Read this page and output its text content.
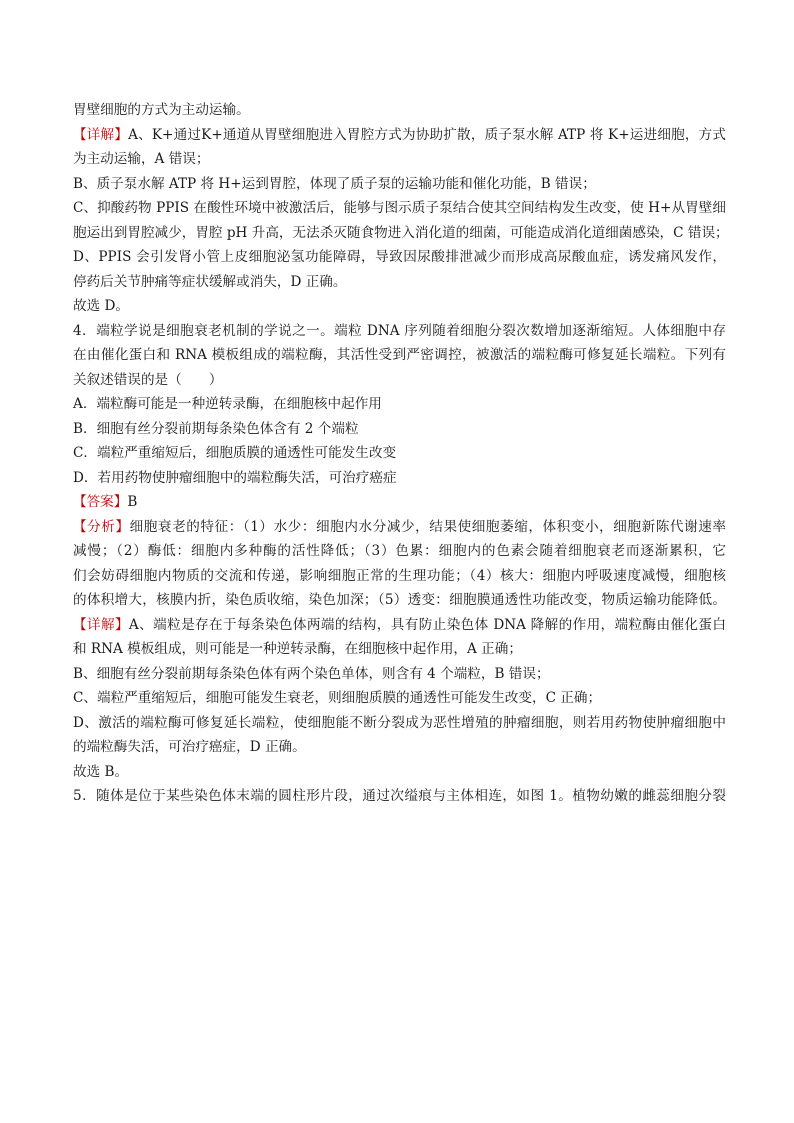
胃壁细胞的方式为主动运输。
【详解】A、K+通过K+通道从胃壁细胞进入胃腔方式为协助扩散，质子泵水解 ATP 将 K+运进细胞，方式
为主动运输，A 错误；
B、质子泵水解 ATP 将 H+运到胃腔，体现了质子泵的运输功能和催化功能，B 错误；
C、抑酸药物 PPIS 在酸性环境中被激活后，能够与图示质子泵结合使其空间结构发生改变，使 H+从胃壁细
胞运出到胃腔减少，胃腔 pH 升高，无法杀灭随食物进入消化道的细菌，可能造成消化道细菌感染，C 错误；
D、PPIS 会引发肾小管上皮细胞泌氢功能障碍，导致因尿酸排泄减少而形成高尿酸血症，诱发痛风发作，
停药后关节肿痛等症状缓解或消失，D 正确。
故选 D。
4．端粒学说是细胞衰老机制的学说之一。端粒 DNA 序列随着细胞分裂次数增加逐渐缩短。人体细胞中存
在由催化蛋白和 RNA 模板组成的端粒酶，其活性受到严密调控，被激活的端粒酶可修复延长端粒。下列有
关叙述错误的是（　　）
A．端粒酶可能是一种逆转录酶，在细胞核中起作用
B．细胞有丝分裂前期每条染色体含有 2 个端粒
C．端粒严重缩短后，细胞质膜的通透性可能发生改变
D．若用药物使肿瘤细胞中的端粒酶失活，可治疗癌症
【答案】B
【分析】细胞衰老的特征：（1）水少：细胞内水分减少，结果使细胞萎缩，体积变小，细胞新陈代谢速率
减慢；（2）酶低：细胞内多种酶的活性降低；（3）色累：细胞内的色素会随着细胞衰老而逐渐累积，它
们会妨碍细胞内物质的交流和传递，影响细胞正常的生理功能；（4）核大：细胞内呼吸速度减慢，细胞核
的体积增大，核膜内折，染色质收缩，染色加深；（5）透变：细胞膜通透性功能改变，物质运输功能降低。
【详解】A、端粒是存在于每条染色体两端的结构，具有防止染色体 DNA 降解的作用，端粒酶由催化蛋白
和 RNA 模板组成，则可能是一种逆转录酶，在细胞核中起作用，A 正确；
B、细胞有丝分裂前期每条染色体有两个染色单体，则含有 4 个端粒，B 错误；
C、端粒严重缩短后，细胞可能发生衰老，则细胞质膜的通透性可能发生改变，C 正确；
D、激活的端粒酶可修复延长端粒，使细胞能不断分裂成为恶性增殖的肿瘤细胞，则若用药物使肿瘤细胞中
的端粒酶失活，可治疗癌症，D 正确。
故选 B。
5．随体是位于某些染色体末端的圆柱形片段，通过次缢痕与主体相连，如图 1。植物幼嫩的雌蕊细胞分裂
